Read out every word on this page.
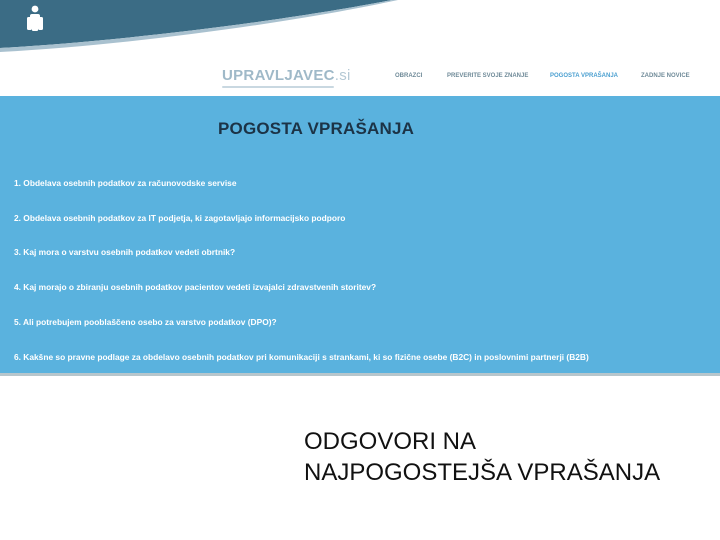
UPRAVLJAVEC.si	OBRAZCI	PREVERITE SVOJE ZNANJE	POGOSTA VPRAŠANJA	ZADNJE NOVICE
POGOSTA VPRAŠANJA
1. Obdelava osebnih podatkov za računovodske servise
2. Obdelava osebnih podatkov za IT podjetja, ki zagotavljajo informacijsko podporo
3. Kaj mora o varstvu osebnih podatkov vedeti obrtnik?
4. Kaj morajo o zbiranju osebnih podatkov pacientov vedeti izvajalci zdravstvenih storitev?
5. Ali potrebujem pooblaščeno osebo za varstvo podatkov (DPO)?
6. Kakšne so pravne podlage za obdelavo osebnih podatkov pri komunikaciji s strankami, ki so fizične osebe (B2C) in poslovnimi partnerji (B2B)
ODGOVORI NA
NAJPOGOSTEJŠA VPRAŠANJA
